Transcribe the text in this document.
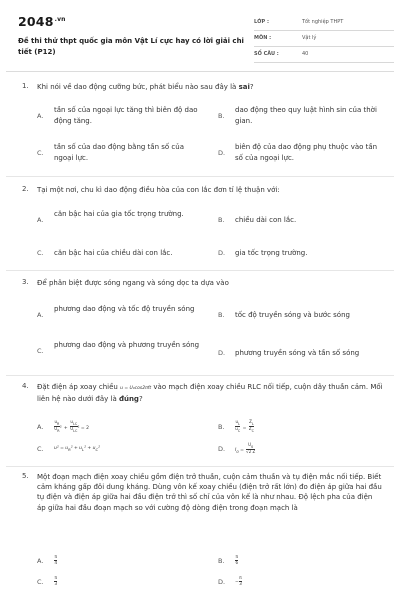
$2048^{.vn}$
Đề thi thử thpt quốc gia môn Vật Lí cực hay có lời giải chi tiết (P12)
LỚP :	Tốt nghiệp THPT
MÔN :	Vật lý
SỐ CÂU :	40
1. Khi nói về dao động cưỡng bức, phát biểu nào sau đây là sai?
A.
tần số của ngoại lực tăng thì biên độ dao động tăng.
B.
dao động theo quy luật hình sin của thời gian.
C.
tần số của dao động bằng tần số của ngoại lực.
D.
biên độ của dao động phụ thuộc vào tần số của ngoại lực.
2. Tại một nơi, chu kì dao động điều hòa của con lắc đơn tỉ lệ thuận với:
A.
căn bậc hai của gia tốc trọng trường.
B. chiều dài con lắc.
C. căn bậc hai của chiều dài con lắc.	D. gia tốc trọng trường.
3. Để phân biệt được sóng ngang và sóng dọc ta dựa vào
A.
phương dao động và tốc độ truyền sóng
B. tốc độ truyền sóng và bước sóng
C.
phương dao động và phương truyền sóng
D. phương truyền sóng và tần số sóng
4. Đặt điện áp xoay chiều u = U₀cos2πft vào mạch điện xoay chiều RLC nối tiếp, cuộn dây thuần cảm. Mối liên hệ nào dưới đây là đúng?
A.	$\frac{u_R}{U_R} ^2 + \frac{u_{LC}}{U_{LC}} ^2 = 2$	B.	$\frac{u_L}{u_C} = \frac{Z_L}{Z_C}$
C. $u^2 = u_R^2 + u_L^2 + u_C^2$	D. $I_0 = \frac{U_0}{√2 Z}$
5. Một đoạn mạch điện xoay chiều gồm điện trở thuần, cuộn cảm thuần và tụ điện mắc nối tiếp. Biết cảm kháng gấp đôi dung kháng. Dùng vôn kế xoay chiều (điện trở rất lớn) đo điện áp giữa hai đầu tụ điện và điện áp giữa hai đầu điện trở thì số chỉ của vôn kế là như nhau. Độ lệch pha của điện áp giữa hai đầu đoạn mạch so với cường độ dòng điện trong đoạn mạch là
A.	$\frac{\pi}{4}$	B.	$\frac{\pi}{6}$
C.	$\frac{\pi}{3}$	D. − $\frac{\pi}{3}$
